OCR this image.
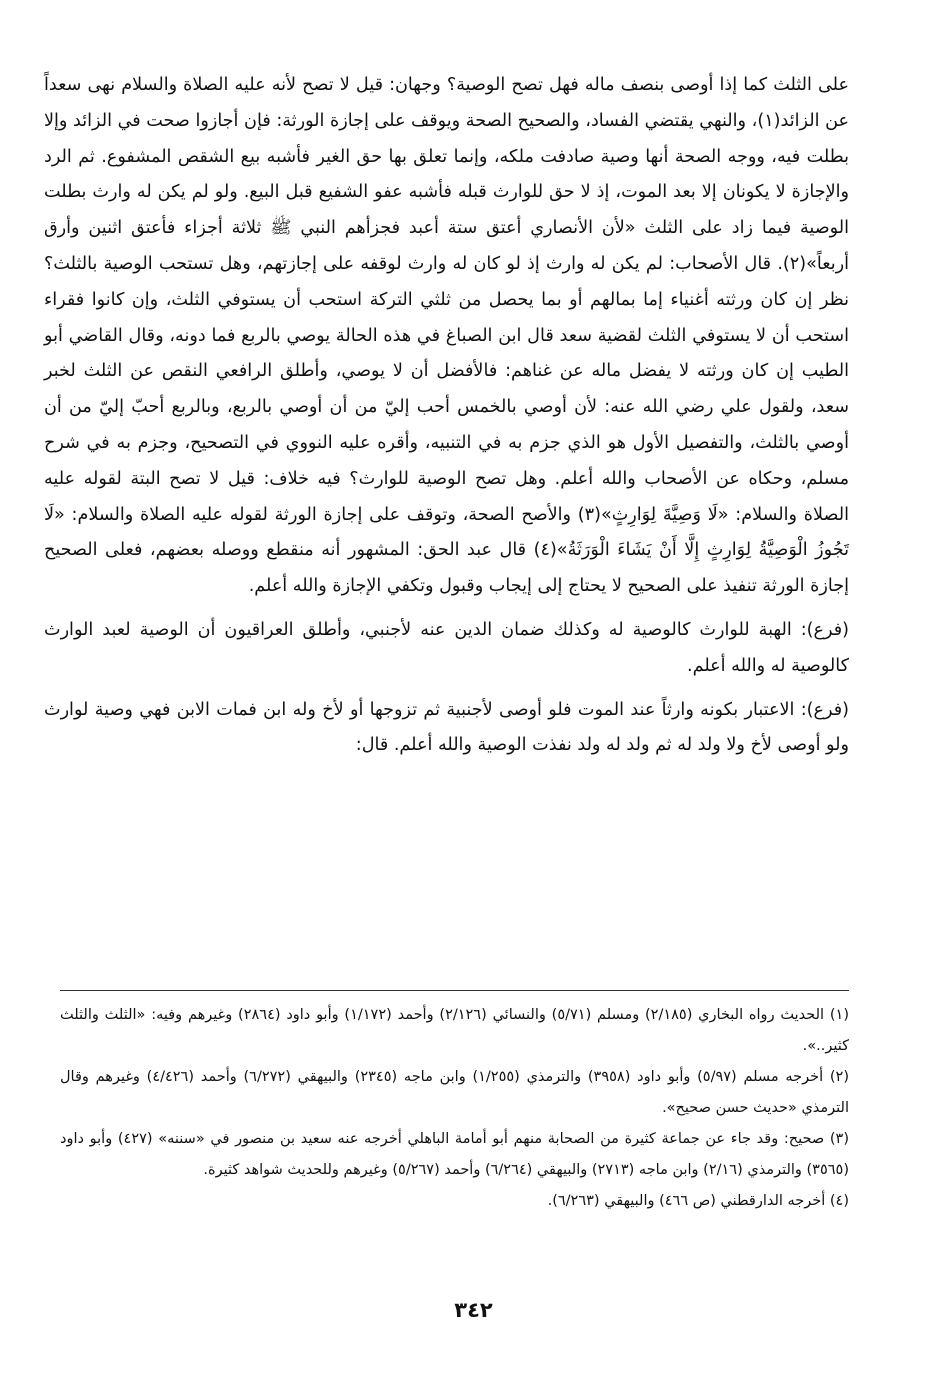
على الثلث كما إذا أوصى بنصف ماله فهل تصح الوصية؟ وجهان: قيل لا تصح لأنه عليه الصلاة والسلام نهى سعداً عن الزائد(١)، والنهي يقتضي الفساد، والصحيح الصحة ويوقف على إجازة الورثة: فإن أجازوا صحت في الزائد وإلا بطلت فيه، ووجه الصحة أنها وصية صادفت ملكه، وإنما تعلق بها حق الغير فأشبه بيع الشقص المشفوع. ثم الرد والإجازة لا يكونان إلا بعد الموت، إذ لا حق للوارث قبله فأشبه عفو الشفيع قبل البيع. ولو لم يكن له وارث بطلت الوصية فيما زاد على الثلث «لأن الأنصاري أعتق ستة أعبد فجزأهم النبي ﷺ ثلاثة أجزاء فأعتق اثنين وأرق أربعاً»(٢). قال الأصحاب: لم يكن له وارث إذ لو كان له وارث لوقفه على إجازتهم، وهل تستحب الوصية بالثلث؟ نظر إن كان ورثته أغنياء إما بمالهم أو بما يحصل من ثلثي التركة استحب أن يستوفي الثلث، وإن كانوا فقراء استحب أن لا يستوفي الثلث لقضية سعد قال ابن الصباغ في هذه الحالة يوصي بالربع فما دونه، وقال القاضي أبو الطيب إن كان ورثته لا يفضل ماله عن غناهم: فالأفضل أن لا يوصي، وأطلق الرافعي النقص عن الثلث لخبر سعد، ولقول علي رضي الله عنه: لأن أوصي بالخمس أحب إليّ من أن أوصي بالربع، وبالربع أحبّ إليّ من أن أوصي بالثلث، والتفصيل الأول هو الذي جزم به في التنبيه، وأقره عليه النووي في التصحيح، وجزم به في شرح مسلم، وحكاه عن الأصحاب والله أعلم. وهل تصح الوصية للوارث؟ فيه خلاف: قيل لا تصح البتة لقوله عليه الصلاة والسلام: «لَا وَصِيَّةَ لِوَارِثٍ»(٣) والأصح الصحة، وتوقف على إجازة الورثة لقوله عليه الصلاة والسلام: «لَا تَجُوزُ الْوَصِيَّةُ لِوَارِثٍ إِلَّا أَنْ يَشَاءَ الْوَرَثَةُ»(٤) قال عبد الحق: المشهور أنه منقطع ووصله بعضهم، فعلى الصحيح إجازة الورثة تنفيذ على الصحيح لا يحتاج إلى إيجاب وقبول وتكفي الإجازة والله أعلم.

(فرع): الهبة للوارث كالوصية له وكذلك ضمان الدين عنه لأجنبي، وأطلق العراقيون أن الوصية لعبد الوارث كالوصية له والله أعلم.

(فرع): الاعتبار بكونه وارثاً عند الموت فلو أوصى لأجنبية ثم تزوجها أو لأخ وله ابن فمات الابن فهي وصية لوارث ولو أوصى لأخ ولا ولد له ثم ولد له ولد نفذت الوصية والله أعلم. قال:

(١) الحديث رواه البخاري (٢/١٨٥) ومسلم (٥/٧١) والنسائي (٢/١٢٦) وأحمد (١/١٧٢) وأبو داود (٢٨٦٤) وغيرهم وفيه: «الثلث والثلث كثير..».

(٢) أخرجه مسلم (٥/٩٧) وأبو داود (٣٩٥٨) والترمذي (١/٢٥٥) وابن ماجه (٢٣٤٥) والبيهقي (٦/٢٧٢) وأحمد (٤/٤٢٦) وغيرهم وقال الترمذي «حديث حسن صحيح».

(٣) صحيح: وقد جاء عن جماعة كثيرة من الصحابة منهم أبو أمامة الباهلي أخرجه عنه سعيد بن منصور في «سننه» (٤٢٧) وأبو داود (٣٥٦٥) والترمذي (٢/١٦) وابن ماجه (٢٧١٣) والبيهقي (٦/٢٦٤) وأحمد (٥/٢٦٧) وغيرهم وللحديث شواهد كثيرة.

(٤) أخرجه الدارقطني (ص ٤٦٦) والبيهقي (٦/٢٦٣).

٣٤٢
